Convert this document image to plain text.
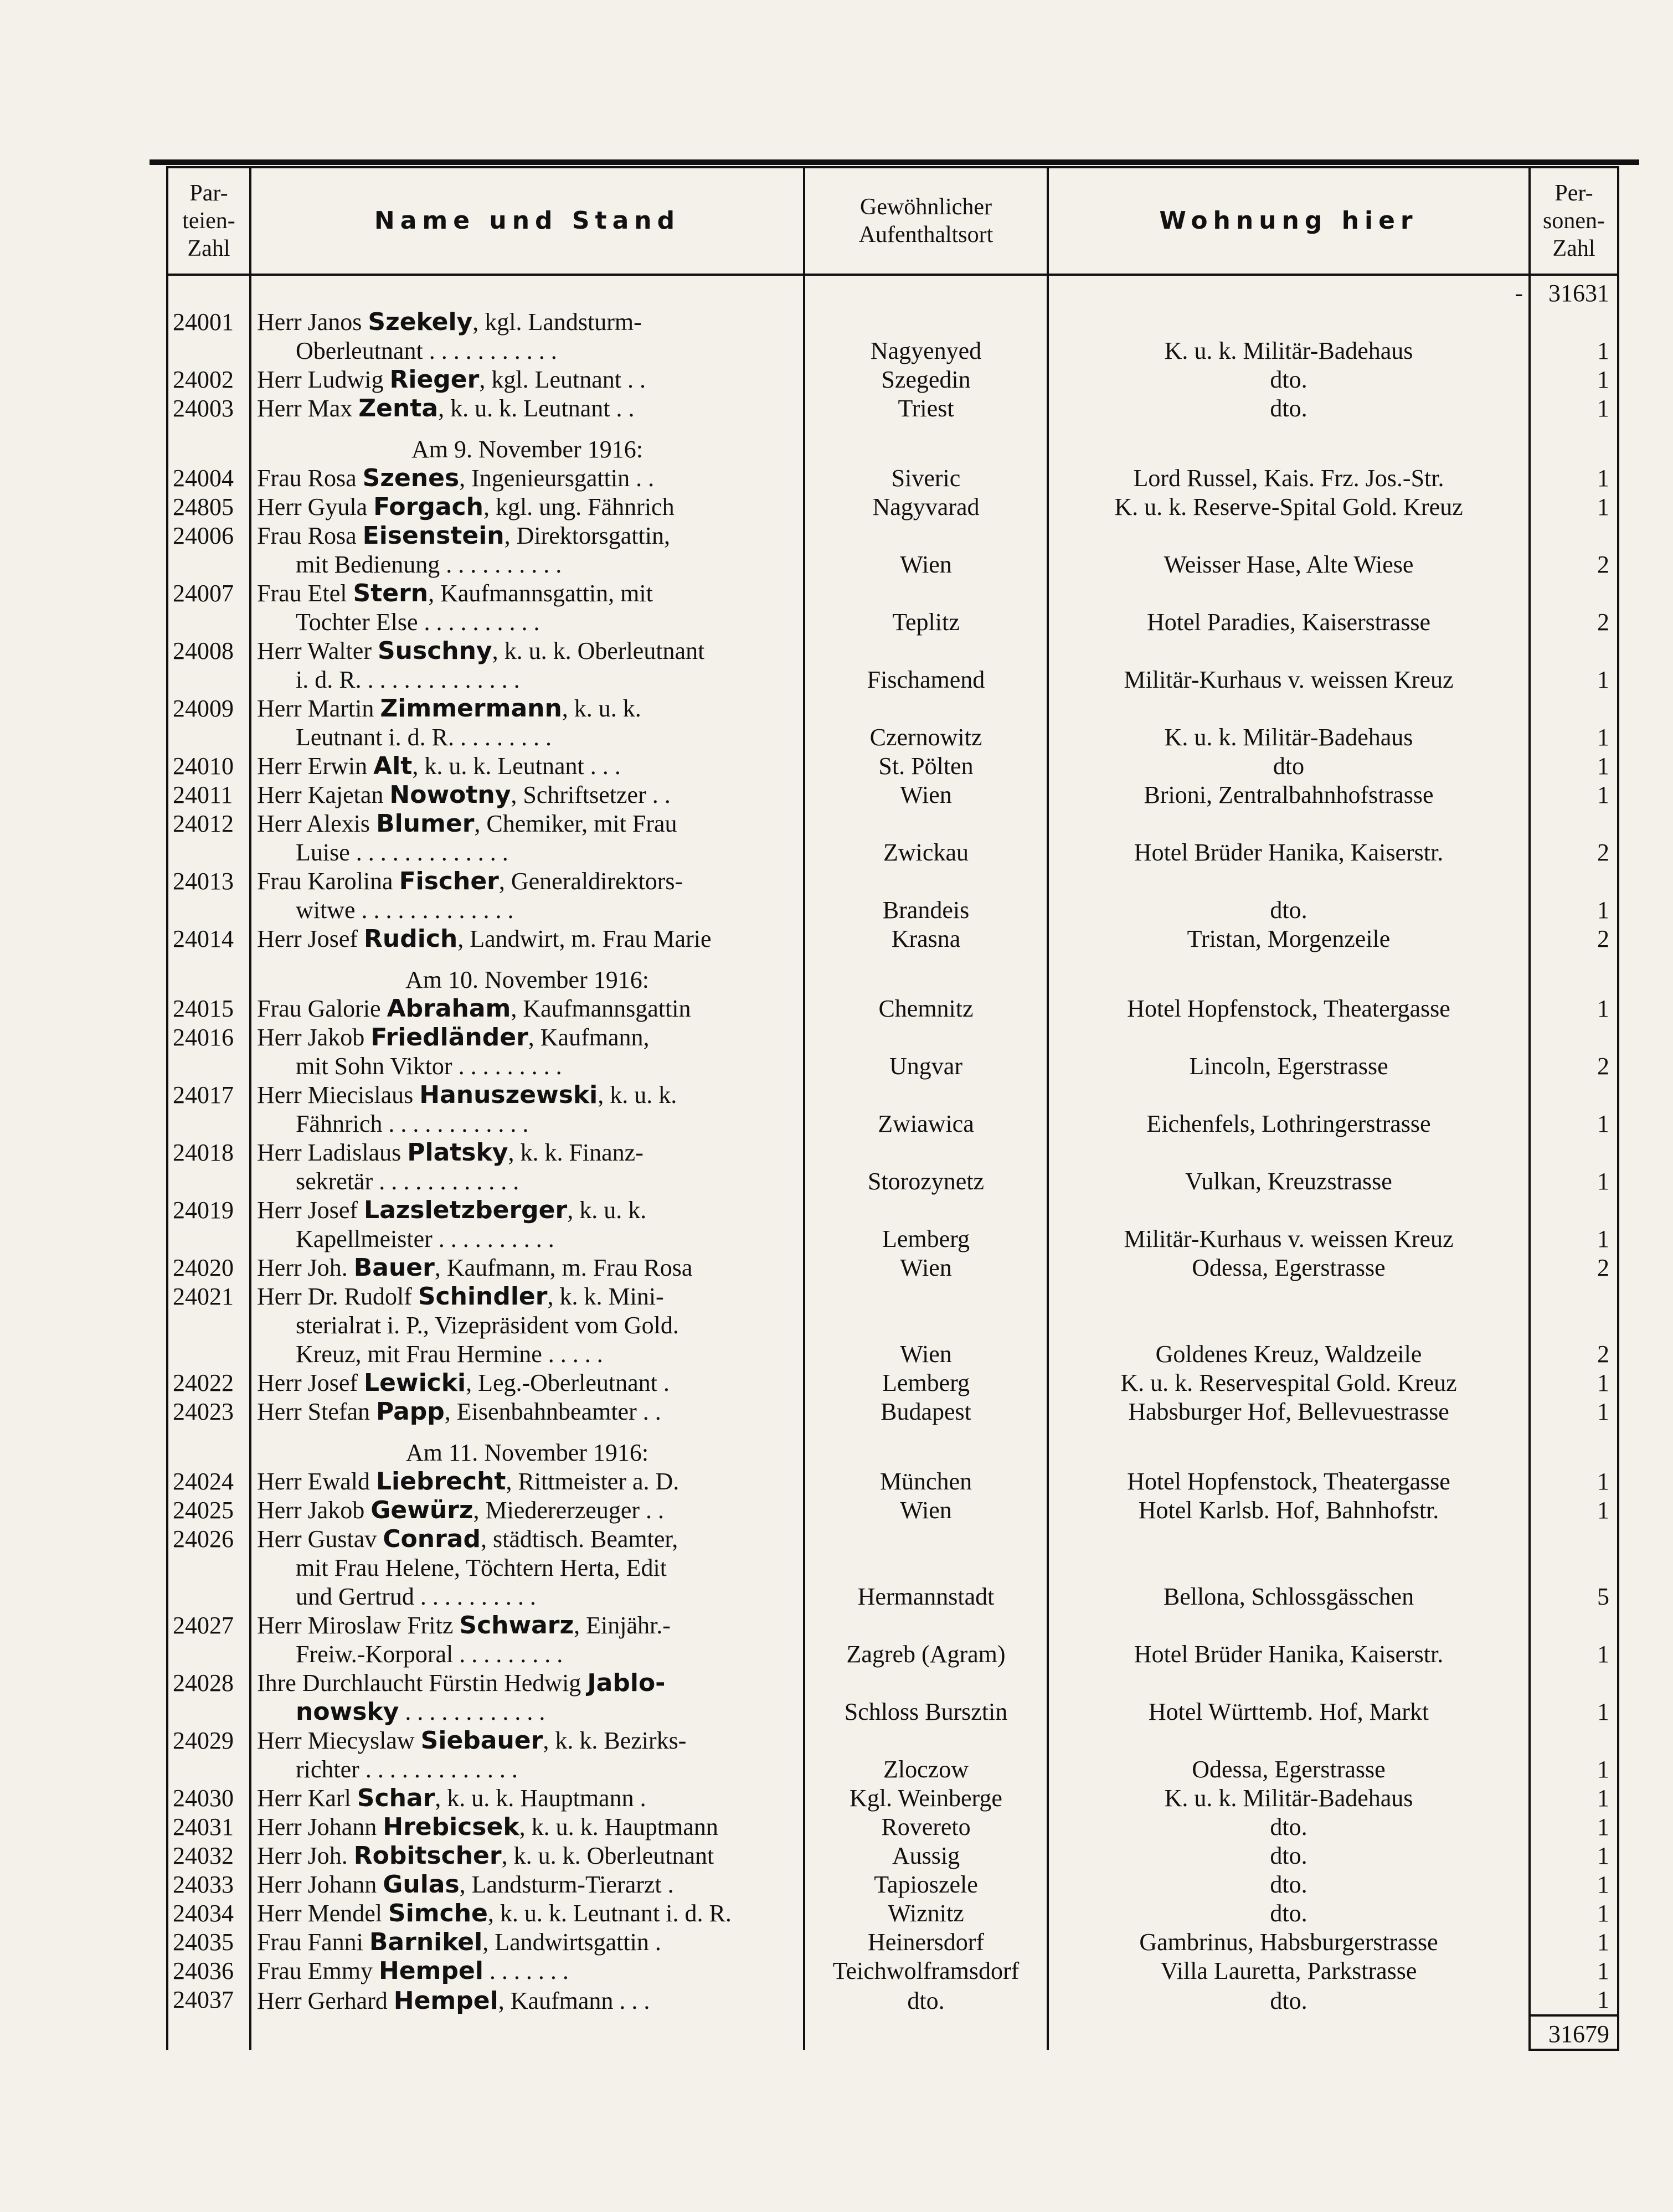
Par-
teien-
Zahl	Name und Stand	Gewöhnlicher
Aufenthaltsort	Wohnung hier	Per-
sonen-
Zahl
			-	31631
24001	Herr Janos Szekely, kgl. Landsturm-
Oberleutnant . . . . . . . . . . .	Nagyenyed	K. u. k. Militär-Badehaus	1
24002	Herr Ludwig Rieger, kgl. Leutnant . .	Szegedin	dto.	1
24003	Herr Max Zenta, k. u. k. Leutnant . .	Triest	dto.	1
	Am 9. November 1916:			
24004	Frau Rosa Szenes, Ingenieursgattin . .	Siveric	Lord Russel, Kais. Frz. Jos.-Str.	1
24805	Herr Gyula Forgach, kgl. ung. Fähnrich	Nagyvarad	K. u. k. Reserve-Spital Gold. Kreuz	1
24006	Frau Rosa Eisenstein, Direktorsgattin,
mit Bedienung . . . . . . . . . .	Wien	Weisser Hase, Alte Wiese	2
24007	Frau Etel Stern, Kaufmannsgattin, mit
Tochter Else . . . . . . . . . .	Teplitz	Hotel Paradies, Kaiserstrasse	2
24008	Herr Walter Suschny, k. u. k. Oberleutnant
i. d. R. . . . . . . . . . . . . .	Fischamend	Militär-Kurhaus v. weissen Kreuz	1
24009	Herr Martin Zimmermann, k. u. k.
Leutnant i. d. R. . . . . . . . .	Czernowitz	K. u. k. Militär-Badehaus	1
24010	Herr Erwin Alt, k. u. k. Leutnant . . .	St. Pölten	dto	1
24011	Herr Kajetan Nowotny, Schriftsetzer . .	Wien	Brioni, Zentralbahnhofstrasse	1
24012	Herr Alexis Blumer, Chemiker, mit Frau
Luise . . . . . . . . . . . . .	Zwickau	Hotel Brüder Hanika, Kaiserstr.	2
24013	Frau Karolina Fischer, Generaldirektors-
witwe . . . . . . . . . . . . .	Brandeis	dto.	1
24014	Herr Josef Rudich, Landwirt, m. Frau Marie	Krasna	Tristan, Morgenzeile	2
	Am 10. November 1916:			
24015	Frau Galorie Abraham, Kaufmannsgattin	Chemnitz	Hotel Hopfenstock, Theatergasse	1
24016	Herr Jakob Friedländer, Kaufmann,
mit Sohn Viktor . . . . . . . . .	Ungvar	Lincoln, Egerstrasse	2
24017	Herr Miecislaus Hanuszewski, k. u. k.
Fähnrich . . . . . . . . . . . .	Zwiawica	Eichenfels, Lothringerstrasse	1
24018	Herr Ladislaus Platsky, k. k. Finanz-
sekretär . . . . . . . . . . . .	Storozynetz	Vulkan, Kreuzstrasse	1
24019	Herr Josef Lazsletzberger, k. u. k.
Kapellmeister . . . . . . . . . .	Lemberg	Militär-Kurhaus v. weissen Kreuz	1
24020	Herr Joh. Bauer, Kaufmann, m. Frau Rosa	Wien	Odessa, Egerstrasse	2
24021	Herr Dr. Rudolf Schindler, k. k. Mini-
sterialrat i. P., Vizepräsident vom Gold.
Kreuz, mit Frau Hermine . . . . .	Wien	Goldenes Kreuz, Waldzeile	2
24022	Herr Josef Lewicki, Leg.-Oberleutnant .	Lemberg	K. u. k. Reservespital Gold. Kreuz	1
24023	Herr Stefan Papp, Eisenbahnbeamter . .	Budapest	Habsburger Hof, Bellevuestrasse	1
	Am 11. November 1916:			
24024	Herr Ewald Liebrecht, Rittmeister a. D.	München	Hotel Hopfenstock, Theatergasse	1
24025	Herr Jakob Gewürz, Miedererzeuger . .	Wien	Hotel Karlsb. Hof, Bahnhofstr.	1
24026	Herr Gustav Conrad, städtisch. Beamter,
mit Frau Helene, Töchtern Herta, Edit
und Gertrud . . . . . . . . . .	Hermannstadt	Bellona, Schlossgässchen	5
24027	Herr Miroslaw Fritz Schwarz, Einjähr.-
Freiw.-Korporal . . . . . . . . .	Zagreb (Agram)	Hotel Brüder Hanika, Kaiserstr.	1
24028	Ihre Durchlaucht Fürstin Hedwig Jablo-
nowsky . . . . . . . . . . . .	Schloss Bursztin	Hotel Württemb. Hof, Markt	1
24029	Herr Miecyslaw Siebauer, k. k. Bezirks-
richter . . . . . . . . . . . . .	Zloczow	Odessa, Egerstrasse	1
24030	Herr Karl Schar, k. u. k. Hauptmann .	Kgl. Weinberge	K. u. k. Militär-Badehaus	1
24031	Herr Johann Hrebicsek, k. u. k. Hauptmann	Rovereto	dto.	1
24032	Herr Joh. Robitscher, k. u. k. Oberleutnant	Aussig	dto.	1
24033	Herr Johann Gulas, Landsturm-Tierarzt .	Tapioszele	dto.	1
24034	Herr Mendel Simche, k. u. k. Leutnant i. d. R.	Wiznitz	dto.	1
24035	Frau Fanni Barnikel, Landwirtsgattin .	Heinersdorf	Gambrinus, Habsburgerstrasse	1
24036	Frau Emmy Hempel . . . . . . .	Teichwolframsdorf	Villa Lauretta, Parkstrasse	1
24037	Herr Gerhard Hempel, Kaufmann . . .	dto.	dto.	1
				31679
